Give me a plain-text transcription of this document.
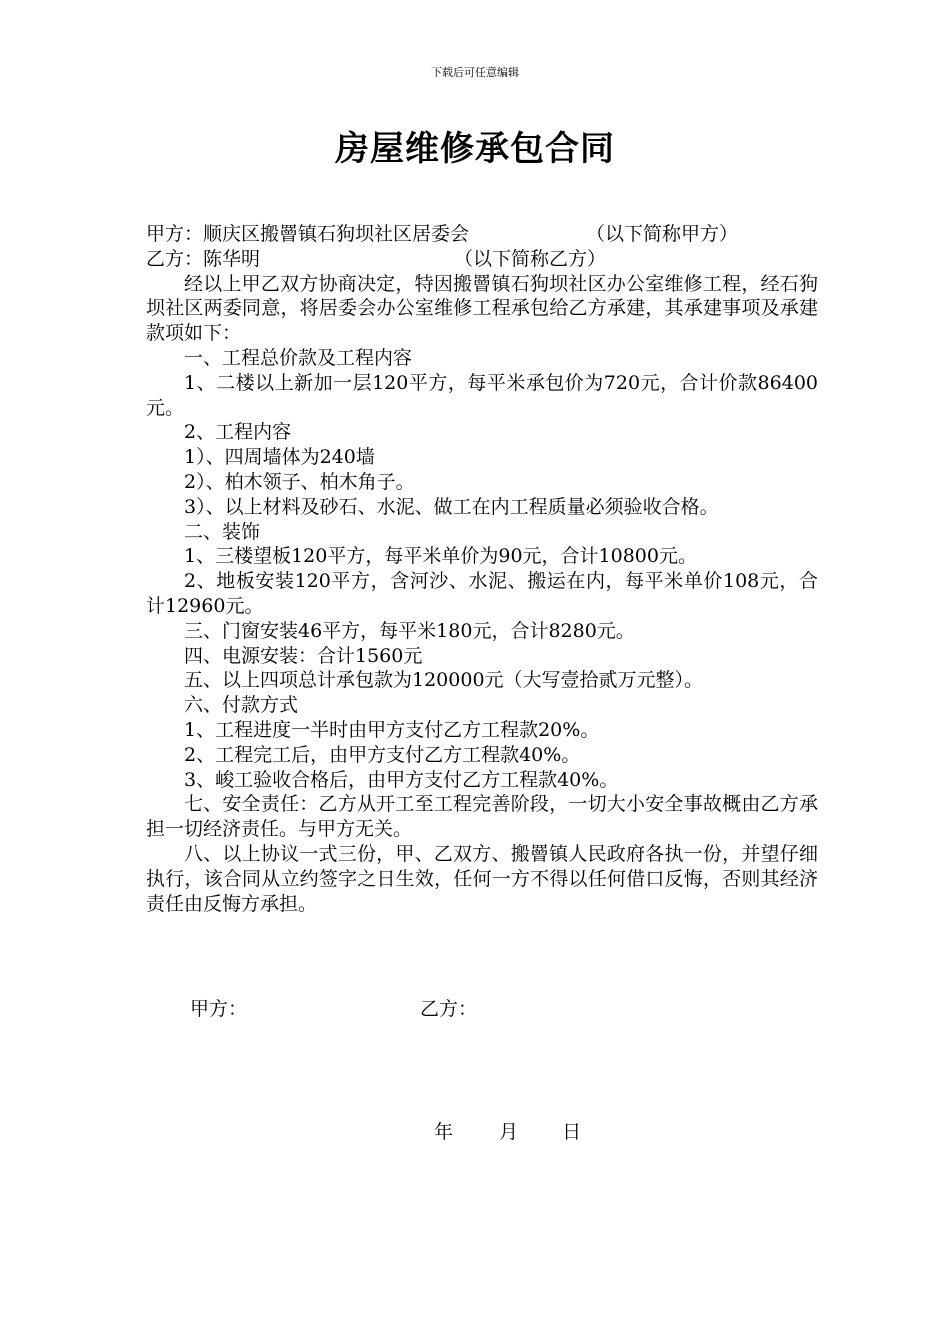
下载后可任意编辑
房屋维修承包合同
甲方：顺庆区搬罾镇石狗坝社区居委会	（以下简称甲方）
乙方：陈华明	（以下简称乙方）
经以上甲乙双方协商决定，特因搬罾镇石狗坝社区办公室维修工程，经石狗坝社区两委同意，将居委会办公室维修工程承包给乙方承建，其承建事项及承建款项如下：
一、工程总价款及工程内容
1、二楼以上新加一层120平方，每平米承包价为720元，合计价款86400元。
2、工程内容
1）、四周墙体为240墙
2）、柏木领子、柏木角子。
3）、以上材料及砂石、水泥、做工在内工程质量必须验收合格。
二、装饰
1、三楼望板120平方，每平米单价为90元，合计10800元。
2、地板安装120平方，含河沙、水泥、搬运在内，每平米单价108元，合计12960元。
三、门窗安装46平方，每平米180元，合计8280元。
四、电源安装：合计1560元
五、以上四项总计承包款为120000元（大写壹拾贰万元整）。
六、付款方式
1、工程进度一半时由甲方支付乙方工程款20%。
2、工程完工后，由甲方支付乙方工程款40%。
3、峻工验收合格后，由甲方支付乙方工程款40%。
七、安全责任：乙方从开工至工程完善阶段，一切大小安全事故概由乙方承担一切经济责任。与甲方无关。
八、以上协议一式三份，甲、乙双方、搬罾镇人民政府各执一份，并望仔细执行，该合同从立约签字之日生效，任何一方不得以任何借口反悔，否则其经济责任由反悔方承担。
甲方：	乙方：
年 月 日
